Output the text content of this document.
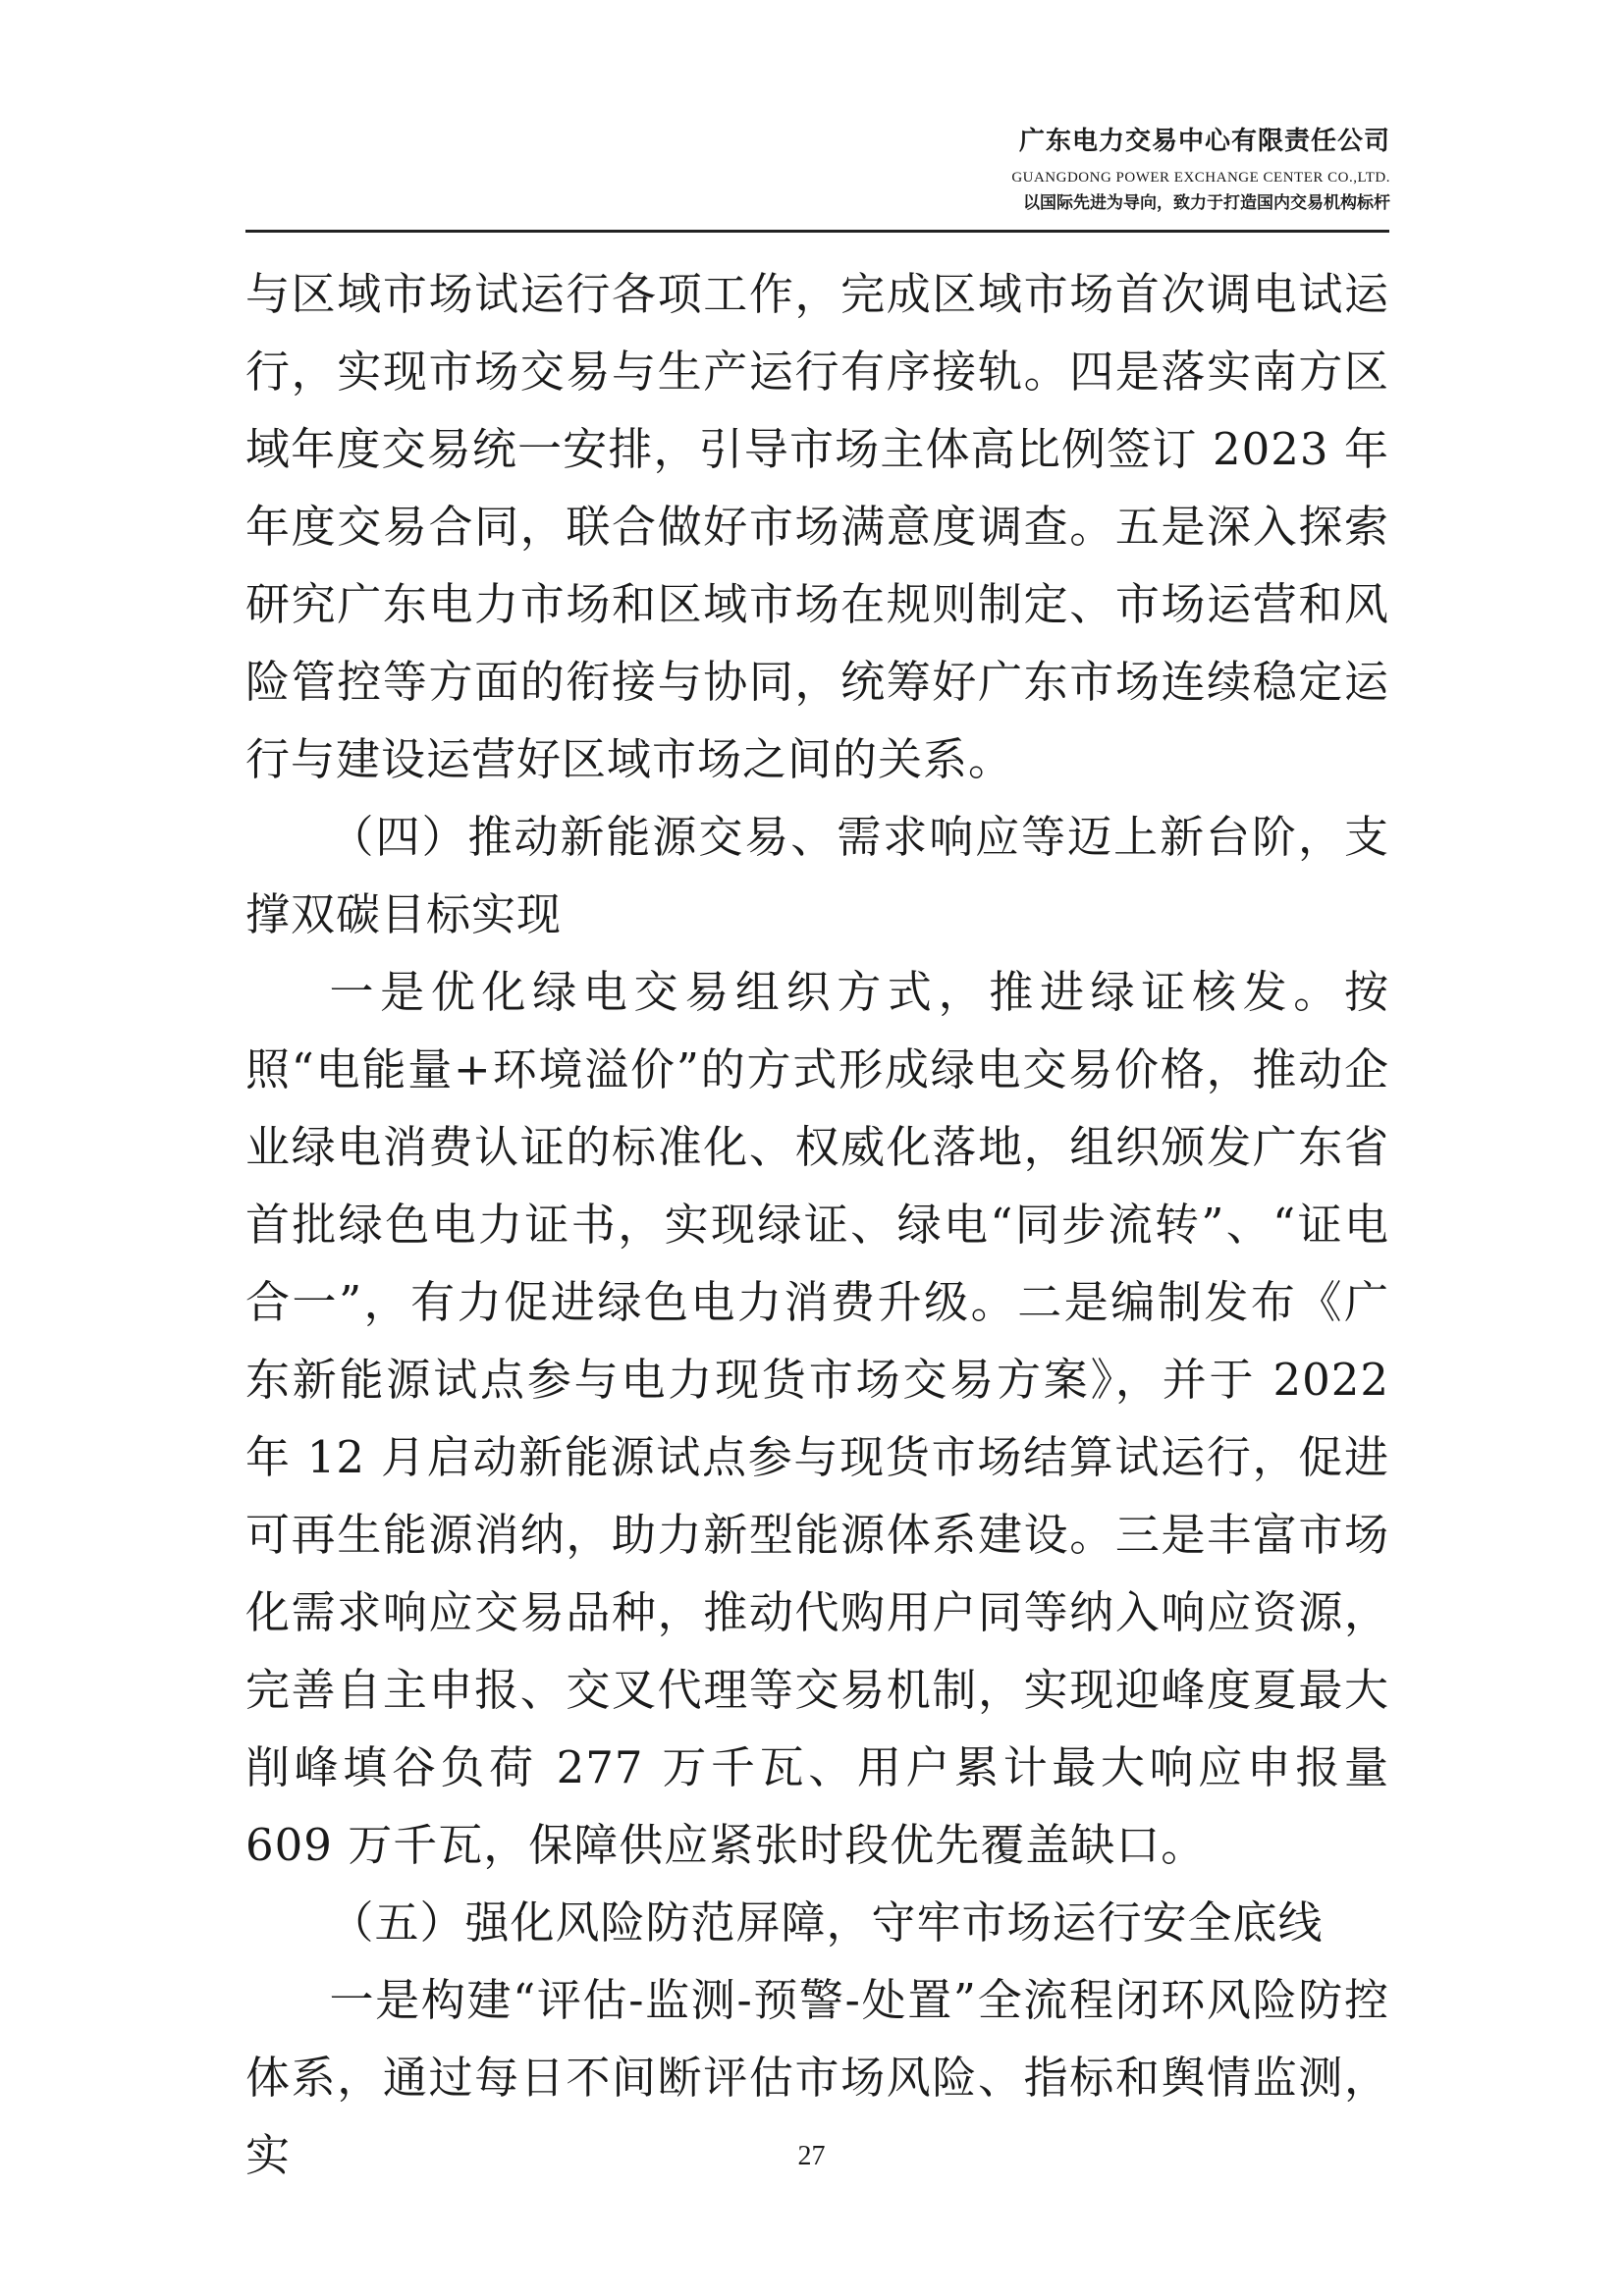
广东电力交易中心有限责任公司
GUANGDONG POWER EXCHANGE CENTER CO.,LTD.
以国际先进为导向，致力于打造国内交易机构标杆

与区域市场试运行各项工作，完成区域市场首次调电试运行，实现市场交易与生产运行有序接轨。四是落实南方区域年度交易统一安排，引导市场主体高比例签订 2023 年年度交易合同，联合做好市场满意度调查。五是深入探索研究广东电力市场和区域市场在规则制定、市场运营和风险管控等方面的衔接与协同，统筹好广东市场连续稳定运行与建设运营好区域市场之间的关系。

（四）推动新能源交易、需求响应等迈上新台阶，支撑双碳目标实现

一是优化绿电交易组织方式，推进绿证核发。按照“电能量+环境溢价”的方式形成绿电交易价格，推动企业绿电消费认证的标准化、权威化落地，组织颁发广东省首批绿色电力证书，实现绿证、绿电“同步流转”、“证电合一”，有力促进绿色电力消费升级。二是编制发布《广东新能源试点参与电力现货市场交易方案》，并于 2022 年 12 月启动新能源试点参与现货市场结算试运行，促进可再生能源消纳，助力新型能源体系建设。三是丰富市场化需求响应交易品种，推动代购用户同等纳入响应资源，完善自主申报、交叉代理等交易机制，实现迎峰度夏最大削峰填谷负荷 277 万千瓦、用户累计最大响应申报量 609 万千瓦，保障供应紧张时段优先覆盖缺口。

（五）强化风险防范屏障，守牢市场运行安全底线

一是构建“评估-监测-预警-处置”全流程闭环风险防控体系，通过每日不间断评估市场风险、指标和舆情监测，实	27
